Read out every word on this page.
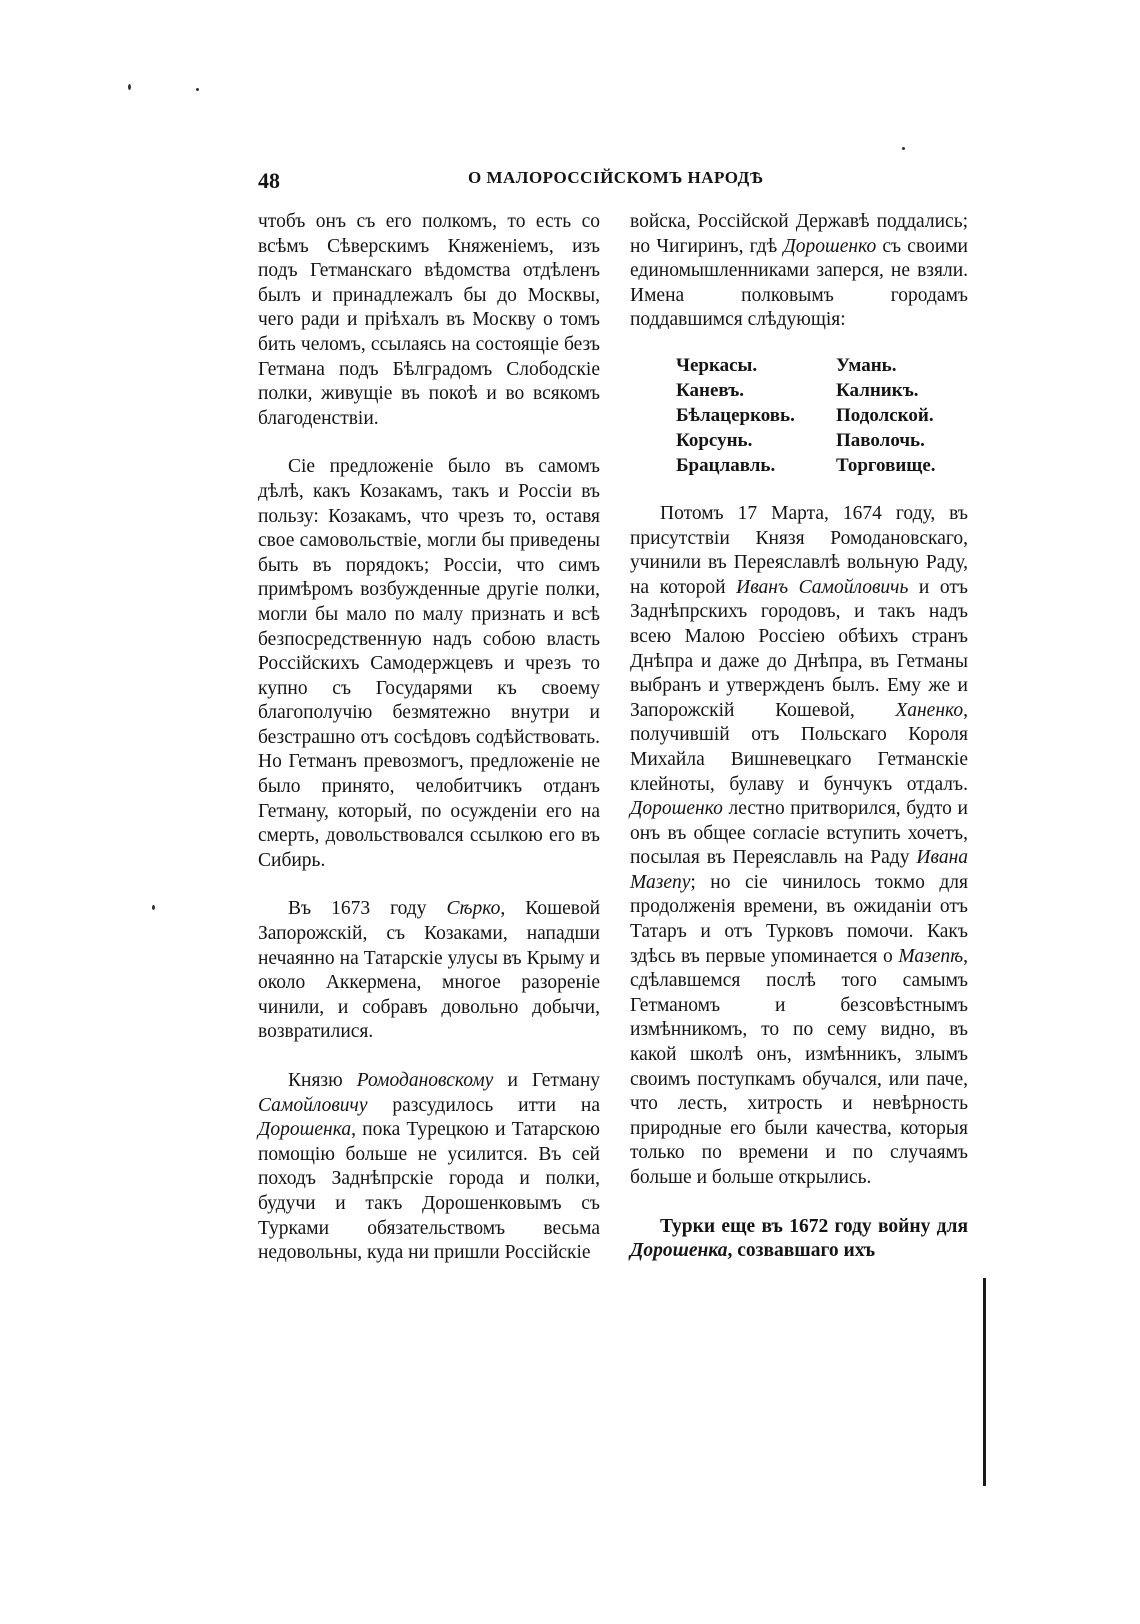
48	О МАЛОРОССІЙСКОМЪ НАРОДѢ

чтобъ онъ съ его полкомъ, то есть со всѣмъ Сѣверскимъ Княженіемъ, изъ подъ Гетманскаго вѣдомства отдѣленъ былъ и принадлежалъ бы до Москвы, чего ради и пріѣхалъ въ Москву о томъ бить челомъ, ссылаясь на состоящіе безъ Гетмана подъ Бѣлградомъ Слободскіе полки, живущіе въ покоѣ и во всякомъ благоденствіи.

Сіе предложеніе было въ самомъ дѣлѣ, какъ Козакамъ, такъ и Россіи въ пользу: Козакамъ, что чрезъ то, оставя свое самовольствіе, могли бы приведены быть въ порядокъ; Россіи, что симъ примѣромъ возбужденные другіе полки, могли бы мало по малу признать и всѣ безпосредственную надъ собою власть Россійскихъ Самодержцевъ и чрезъ то купно съ Государями къ своему благополучію безмятежно внутри и безстрашно отъ сосѣдовъ содѣйствовать. Но Гетманъ превозмогъ, предложеніе не было принято, челобитчикъ отданъ Гетману, который, по осужденіи его на смерть, довольствовался ссылкою его въ Сибирь.

Въ 1673 году Сѣрко, Кошевой Запорожскій, съ Козаками, нападши нечаянно на Татарскіе улусы въ Крыму и около Аккермена, многое разореніе чинили, и собравъ довольно добычи, возвратилися.

Князю Ромодановскому и Гетману Самойловичу разсудилось итти на Дорошенка, пока Турецкою и Татарскою помощію больше не усилится. Въ сей походъ Заднѣпрскіе города и полки, будучи и такъ Дорошенковымъ съ Турками обязательствомъ весьма недовольны, куда ни пришли Россійскіе

войска, Россійской Державѣ поддались; но Чигиринъ, гдѣ Дорошенко съ своими единомышленниками заперся, не взяли. Имена полковымъ городамъ поддавшимся слѣдующія:

Черкасы.	Умань.
Каневъ.	Калникъ.
Бѣлацерковь.	Подолской.
Корсунь.	Паволочь.
Брацлавль.	Торговище.

Потомъ 17 Марта, 1674 году, въ присутствіи Князя Ромодановскаго, учинили въ Переяславлѣ вольную Раду, на которой Иванъ Самойловичь и отъ Заднѣпрскихъ городовъ, и такъ надъ всею Малою Россіею обѣихъ странъ Днѣпра и даже до Днѣпра, въ Гетманы выбранъ и утвержденъ былъ. Ему же и Запорожскій Кошевой, Ханенко, получившій отъ Польскаго Короля Михайла Вишневецкаго Гетманскіе клейноты, булаву и бунчукъ отдалъ. Дорошенко лестно притворился, будто и онъ въ общее согласіе вступить хочетъ, посылая въ Переяславль на Раду Ивана Мазепу; но сіе чинилось токмо для продолженія времени, въ ожиданіи отъ Татаръ и отъ Турковъ помочи. Какъ здѣсь въ первые упоминается о Мазепѣ, сдѣлавшемся послѣ того самымъ Гетманомъ и безсовѣстнымъ измѣнникомъ, то по сему видно, въ какой школѣ онъ, измѣнникъ, злымъ своимъ поступкамъ обучался, или паче, что лесть, хитрость и невѣрность природные его были качества, которыя только по времени и по случаямъ больше и больше открылись.

Турки еще въ 1672 году войну для Дорошенка, созвавшаго ихъ
